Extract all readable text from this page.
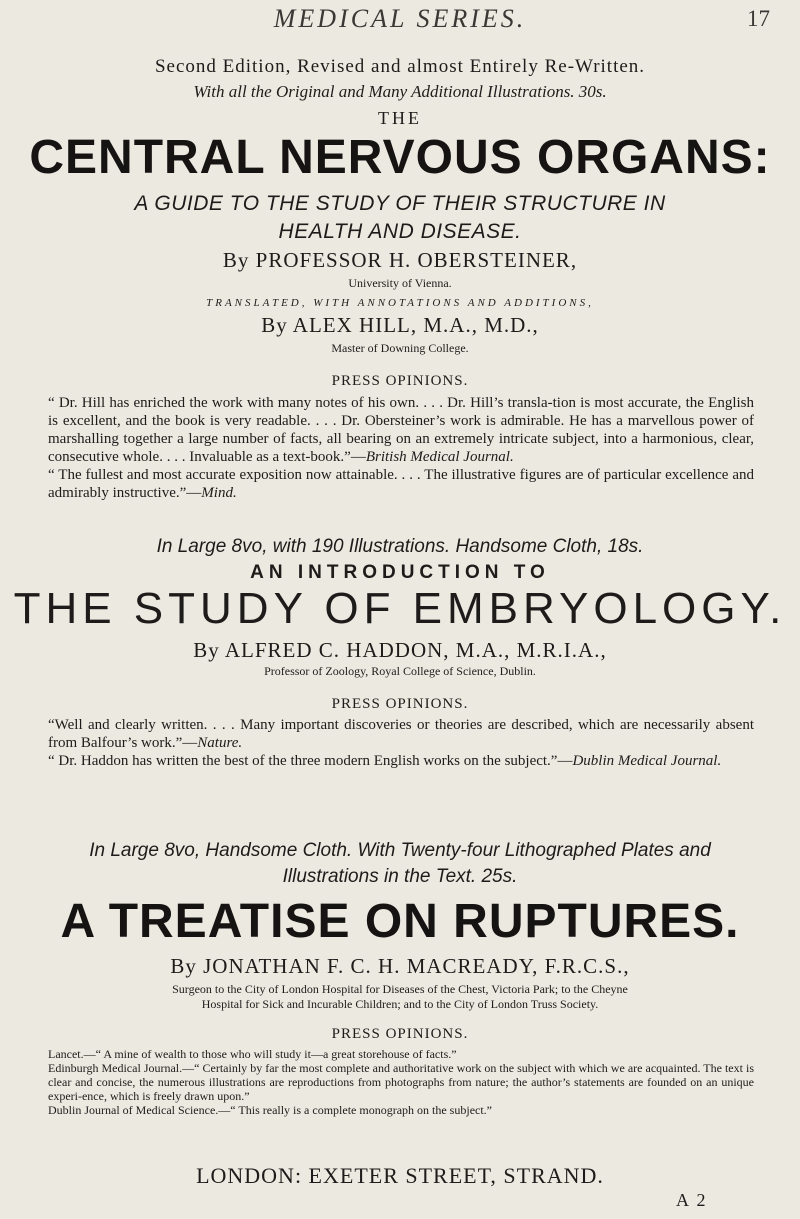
MEDICAL SERIES.	17
Second Edition, Revised and almost Entirely Re-Written.
With all the Original and Many Additional Illustrations. 30s.
THE
CENTRAL NERVOUS ORGANS:
A GUIDE TO THE STUDY OF THEIR STRUCTURE IN
HEALTH AND DISEASE.
By PROFESSOR H. OBERSTEINER,
University of Vienna.
TRANSLATED, WITH ANNOTATIONS AND ADDITIONS,
By ALEX HILL, M.A., M.D.,
Master of Downing College.
PRESS OPINIONS.

“ Dr. Hill has enriched the work with many notes of his own. . . . Dr. Hill’s transla-tion is most accurate, the English is excellent, and the book is very readable. . . . Dr. Obersteiner’s work is admirable. He has a marvellous power of marshalling together a large number of facts, all bearing on an extremely intricate subject, into a harmonious, clear, consecutive whole. . . . Invaluable as a text-book.”—British Medical Journal.

“ The fullest and most accurate exposition now attainable. . . . The illustrative figures are of particular excellence and admirably instructive.”—Mind.

In Large 8vo, with 190 Illustrations. Handsome Cloth, 18s.
AN INTRODUCTION TO
THE STUDY OF EMBRYOLOGY.
By ALFRED C. HADDON, M.A., M.R.I.A.,
Professor of Zoology, Royal College of Science, Dublin.
PRESS OPINIONS.

“Well and clearly written. . . . Many important discoveries or theories are described, which are necessarily absent from Balfour’s work.”—Nature.

“ Dr. Haddon has written the best of the three modern English works on the subject.”—Dublin Medical Journal.

In Large 8vo, Handsome Cloth. With Twenty-four Lithographed Plates and
Illustrations in the Text. 25s.
A TREATISE ON RUPTURES.
By JONATHAN F. C. H. MACREADY, F.R.C.S.,
Surgeon to the City of London Hospital for Diseases of the Chest, Victoria Park; to the Cheyne
Hospital for Sick and Incurable Children; and to the City of London Truss Society.
PRESS OPINIONS.

Lancet.—“ A mine of wealth to those who will study it—a great storehouse of facts.”

Edinburgh Medical Journal.—“ Certainly by far the most complete and authoritative work on the subject with which we are acquainted. The text is clear and concise, the numerous illustrations are reproductions from photographs from nature; the author’s statements are founded on an unique experi-ence, which is freely drawn upon.”

Dublin Journal of Medical Science.—“ This really is a complete monograph on the subject.”

LONDON: EXETER STREET, STRAND.
A 2
